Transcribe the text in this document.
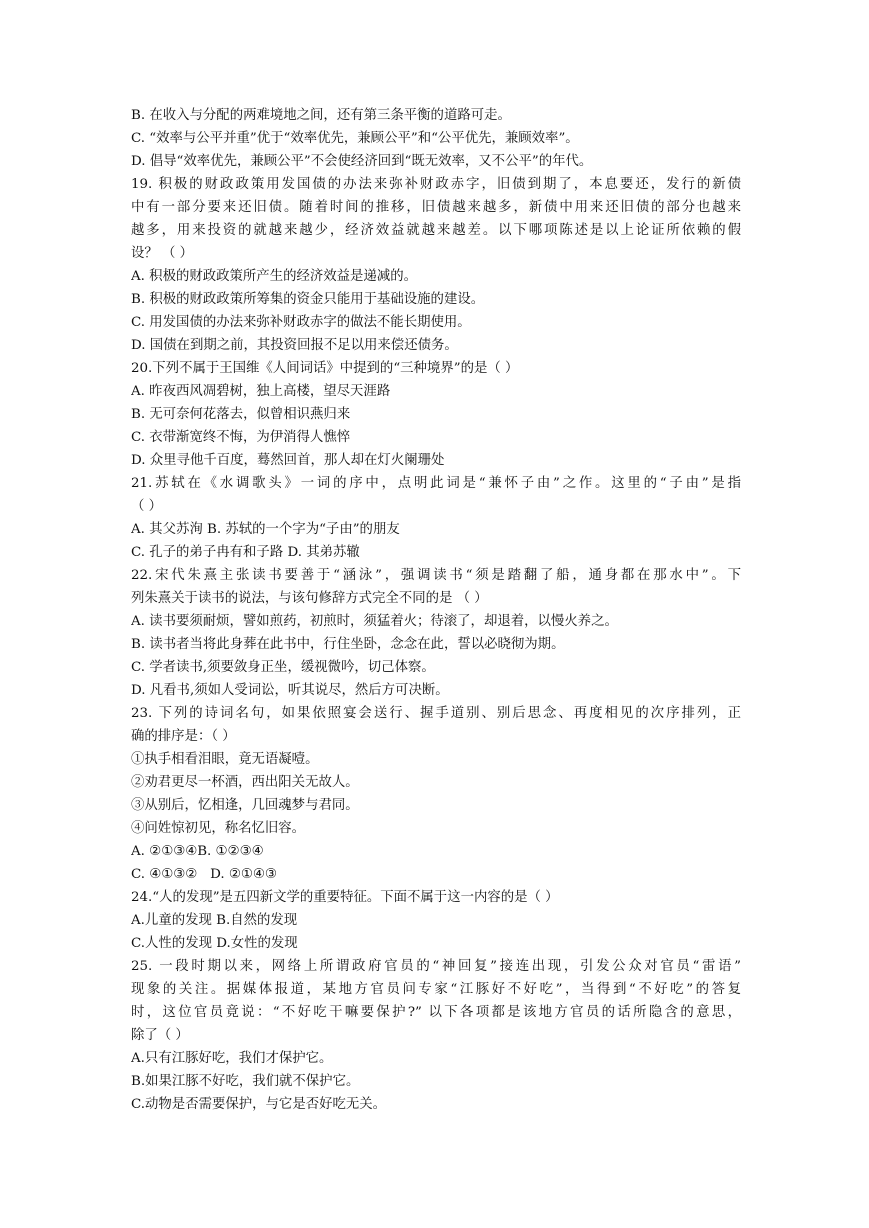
B. 在收入与分配的两难境地之间，还有第三条平衡的道路可走。
C. “效率与公平并重”优于“效率优先，兼顾公平”和“公平优先，兼顾效率”。
D. 倡导“效率优先，兼顾公平”不会使经济回到“既无效率，又不公平”的年代。
19. 积极的财政政策用发国债的办法来弥补财政赤字，旧债到期了，本息要还，发行的新债
中有一部分要来还旧债。随着时间的推移，旧债越来越多，新债中用来还旧债的部分也越来
越多，用来投资的就越来越少，经济效益就越来越差。以下哪项陈述是以上论证所依赖的假
设？ （ ）
A. 积极的财政政策所产生的经济效益是递减的。
B. 积极的财政政策所筹集的资金只能用于基础设施的建设。
C. 用发国债的办法来弥补财政赤字的做法不能长期使用。
D. 国债在到期之前，其投资回报不足以用来偿还债务。
20.下列不属于王国维《人间词话》中提到的“三种境界”的是（ ）
A. 昨夜西风凋碧树，独上高楼，望尽天涯路
B. 无可奈何花落去，似曾相识燕归来
C. 衣带渐宽终不悔，为伊消得人憔悴
D. 众里寻他千百度，蓦然回首，那人却在灯火阑珊处
21.苏轼在《水调歌头》一词的序中，点明此词是“兼怀子由”之作。这里的“子由”是指
（ ）
A. 其父苏洵 B. 苏轼的一个字为“子由”的朋友
C. 孔子的弟子冉有和子路 D. 其弟苏辙
22.宋代朱熹主张读书要善于“涵泳”，强调读书“须是踏翻了船，通身都在那水中”。下
列朱熹关于读书的说法，与该句修辞方式完全不同的是 （ ）
A. 读书要须耐烦，譬如煎药，初煎时，须猛着火；待滚了，却退着，以慢火养之。
B. 读书者当将此身葬在此书中，行住坐卧，念念在此，誓以必晓彻为期。
C. 学者读书,须要敛身正坐，缓视微吟，切己体察。
D. 凡看书,须如人受词讼，听其说尽，然后方可决断。
23. 下列的诗词名句，如果依照宴会送行、握手道别、别后思念、再度相见的次序排列，正
确的排序是：（ ）
①执手相看泪眼，竟无语凝噎。
②劝君更尽一杯酒，西出阳关无故人。
③从别后，忆相逢，几回魂梦与君同。
④问姓惊初见，称名忆旧容。
A. ②①③④B. ①②③④
C. ④①③②   D. ②①④③
24.“人的发现”是五四新文学的重要特征。下面不属于这一内容的是（ ）
A.儿童的发现 B.自然的发现
C.人性的发现 D.女性的发现
25. 一段时期以来，网络上所谓政府官员的“神回复”接连出现，引发公众对官员“雷语”
现象的关注。据媒体报道，某地方官员问专家“江豚好不好吃”，当得到“不好吃”的答复
时，这位官员竟说：“不好吃干嘛要保护?” 以下各项都是该地方官员的话所隐含的意思，
除了（ ）
A.只有江豚好吃，我们才保护它。
B.如果江豚不好吃，我们就不保护它。
C.动物是否需要保护，与它是否好吃无关。
